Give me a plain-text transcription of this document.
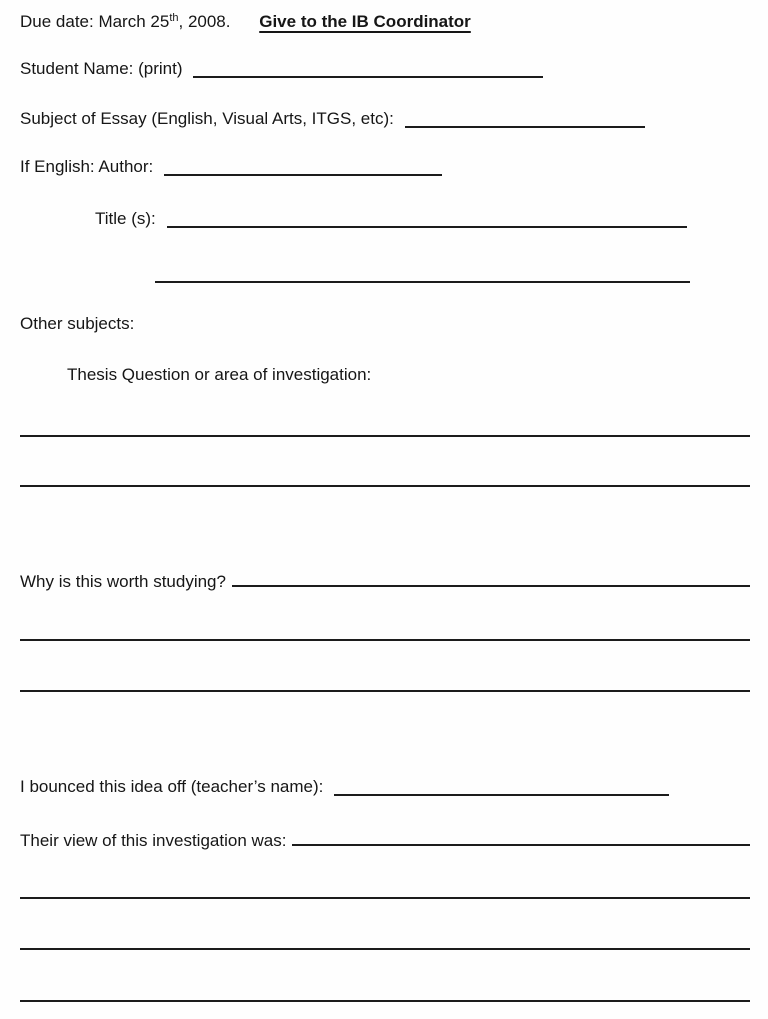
Due date: March 25th, 2008. Give to the IB Coordinator
Student Name: (print)
Subject of Essay (English, Visual Arts, ITGS, etc):
If English: Author:
Title (s):
Other subjects:
Thesis Question or area of investigation:
Why is this worth studying?
I bounced this idea off (teacher’s name):
Their view of this investigation was:
